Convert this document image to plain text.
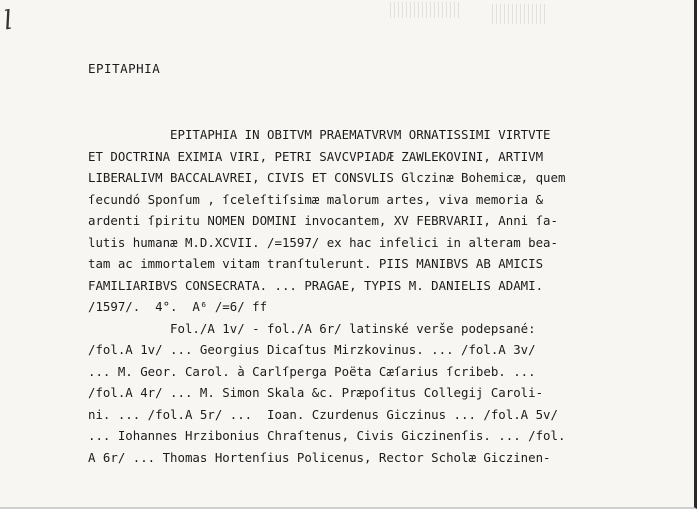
l
EPITAPHIA
EPITAPHIA IN OBITVM PRAEMATVRVM ORNATISSIMI VIRTVTE
ET DOCTRINA EXIMIA VIRI, PETRI SAVCVPIADÆ ZAWLEKOVINI, ARTIVM
LIBERALIVM BACCALAVREI, CIVIS ET CONSVLIS Glczinæ Bohemicæ, quem
ſecundó Sponſum , ſceleſtiſsimæ malorum artes, viva memoria &
ardenti ſpiritu NOMEN DOMINI invocantem, XV FEBRVARII, Anni ſa-
lutis humanæ M.D.XCVII. /=1597/ ex hac infelici in alteram bea-
tam ac immortalem vitam tranſtulerunt. PIIS MANIBVS AB AMICIS
FAMILIARIBVS CONSECRATA. ... PRAGAE, TYPIS M. DANIELIS ADAMI.
/1597/.  4°.  A⁶ /=6/ ff
Fol./A 1v/ - fol./A 6r/ latinské verše podepsané:
/fol.A 1v/ ... Georgius Dicaſtus Mirzkovinus. ... /fol.A 3v/
... M. Geor. Carol. à Carlſperga Poëta Cæſarius ſcribeb. ...
/fol.A 4r/ ... M. Simon Skala &c. Præpoſitus Collegij Caroli-
ni. ... /fol.A 5r/ ...  Ioan. Czurdenus Giczinus ... /fol.A 5v/
... Iohannes Hrzibonius Chraſtenus, Civis Giczinenſis. ... /fol.
A 6r/ ... Thomas Hortenſius Policenus, Rector Scholæ Giczinen-
